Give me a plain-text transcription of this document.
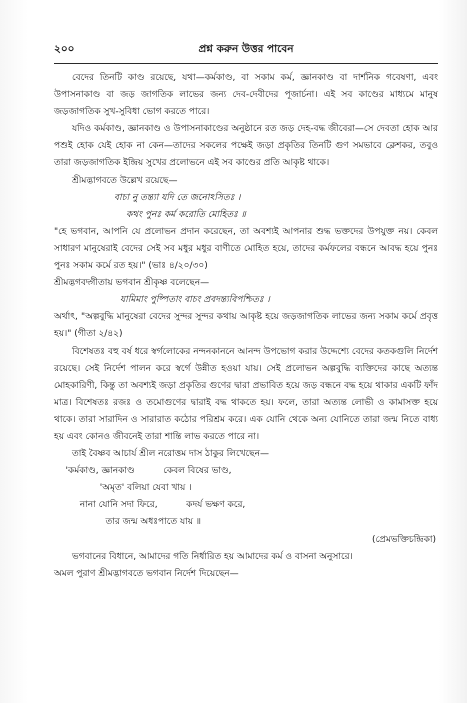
২০০	প্রশ্ন করুন উত্তর পাবেন

বেদের তিনটি কাণ্ড রয়েছে, যথা—কর্মকাণ্ড, বা সকাম কর্ম, জ্ঞানকাণ্ড বা দার্শনিক গবেষণা, এবং উপাসনাকাণ্ড বা জড় জাগতিক লাভের জন্য দেব-দেবীদের পূজার্চনা। এই সব কাণ্ডের মাধ্যমে মানুষ জড়জাগতিক সুখ-সুবিধা ভোগ করতে পারে।

যদিও কর্মকাণ্ড, জ্ঞানকাণ্ড ও উপাসনাকাণ্ডের অনুষ্ঠানে রত জড় দেহ-বদ্ধ জীবেরা—সে দেবতা হোক আর পশুই হোক যেই হোক না কেন—তাদের সকলের পক্ষেই জড়া প্রকৃতির তিনটি গুণ সমভাবে ক্লেশকর, তবুও তারা জড়জাগতিক ইন্দ্রিয় সুখের প্রলোভনে এই সব কাণ্ডের প্রতি আকৃষ্ট থাকে।

শ্রীমদ্ভাগবতে উল্লেখ রয়েছে—

বাচা নু তন্ত্যা যদি তে জনোঽসিতঃ ।
কথং পুনঃ কর্ম করোতি মোহিতঃ ॥

"হে ভগবান, আপনি যে প্রলোভন প্রদান করেছেন, তা অবশ্যই আপনার শুদ্ধ ভক্তদের উপযুক্ত নয়। কেবল সাধারণ মানুষেরাই বেদের সেই সব মধুর মধুর বাণীতে মোহিত হয়ে, তাদের কর্মফলের বন্ধনে আবদ্ধ হয়ে পুনঃ পুনঃ সকাম কর্মে রত হয়।" (ভাঃ ৪/২০/৩০)

শ্রীমদ্ভগবদ্গীতায় ভগবান শ্রীকৃষ্ণ বলেছেন—

যামিমাং পুষ্পিতাং বাচং প্রবদন্ত্যবিপশ্চিতঃ ।

অর্থাৎ, "অল্পবুদ্ধি মানুষেরা বেদের সুন্দর সুন্দর কথায় আকৃষ্ট হয়ে জড়জাগতিক লাভের জন্য সকাম কর্মে প্রবৃত্ত হয়।" (গীতা ২/৪২)

বিশেষতঃ বহু বর্ষ ধরে স্বর্গলোকের নন্দনকাননে আনন্দ উপভোগ করার উদ্দেশ্যে বেদের কতকগুলি নির্দেশ রয়েছে। সেই নির্দেশ পালন করে স্বর্গে উন্নীত হওয়া যায়। সেই প্রলোভন অল্পবুদ্ধি ব্যক্তিদের কাছে অত্যন্ত মোহকারিণী, কিন্তু তা অবশ্যই জড়া প্রকৃতির গুণের দ্বারা প্রভাবিত হয়ে জড় বন্ধনে বদ্ধ হয়ে থাকার একটি ফাঁদ মাত্র। বিশেষতঃ রজঃ ও তমোগুণের দ্বারাই বদ্ধ থাকতে হয়। ফলে, তারা অত্যন্ত লোভী ও কামাসক্ত হয়ে থাকে। তারা সারাদিন ও সারারাত কঠোর পরিশ্রম করে। এক যোনি থেকে অন্য যোনিতে তারা জন্ম নিতে বাধ্য হয় এবং কোনও জীবনেই তারা শান্তি লাভ করতে পারে না।

তাই বৈষ্ণব আচার্য শ্রীল নরোত্তম দাস ঠাকুর লিখেছেন—

'কর্মকাণ্ড, জ্ঞানকাণ্ড          কেবল বিষের ভাণ্ড,
'অমৃত' বলিয়া যেবা খায় ।
নানা যোনি সদা ফিরে,          কদর্য ভক্ষণ করে,
তার জন্ম অধঃপাতে যায় ॥
(প্রেমভক্তিচন্দ্রিকা)
ভগবানের বিধানে, আমাদের গতি নির্ধারিত হয় আমাদের কর্ম ও বাসনা অনুসারে।
অমল পুরাণ শ্রীমদ্ভাগবতে ভগবান নির্দেশ দিয়েছেন—
